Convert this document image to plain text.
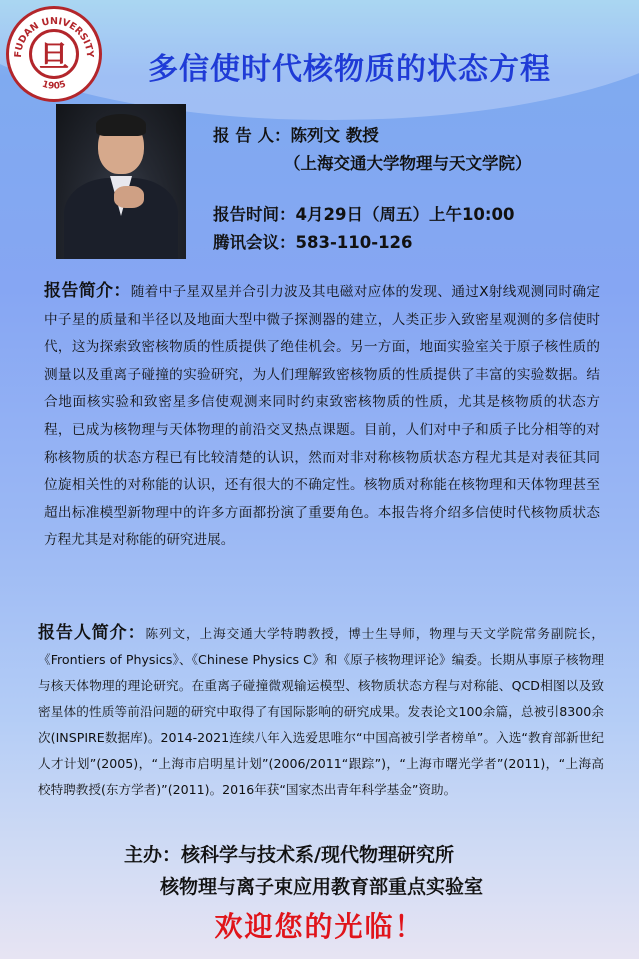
FUDAN UNIVERSITY
1905
旦	多信使时代核物质的状态方程
报 告 人：陈列文 教授
（上海交通大学物理与天文学院）
报告时间：4月29日（周五）上午10:00
腾讯会议：583-110-126
报告简介：随着中子星双星并合引力波及其电磁对应体的发现、通过X射线观测同时确定中子星的质量和半径以及地面大型中微子探测器的建立，人类正步入致密星观测的多信使时代，这为探索致密核物质的性质提供了绝佳机会。另一方面，地面实验室关于原子核性质的测量以及重离子碰撞的实验研究，为人们理解致密核物质的性质提供了丰富的实验数据。结合地面核实验和致密星多信使观测来同时约束致密核物质的性质，尤其是核物质的状态方程，已成为核物理与天体物理的前沿交叉热点课题。目前，人们对中子和质子比分相等的对称核物质的状态方程已有比较清楚的认识，然而对非对称核物质状态方程尤其是对表征其同位旋相关性的对称能的认识，还有很大的不确定性。核物质对称能在核物理和天体物理甚至超出标准模型新物理中的许多方面都扮演了重要角色。本报告将介绍多信使时代核物质状态方程尤其是对称能的研究进展。
报告人简介：陈列文，上海交通大学特聘教授，博士生导师，物理与天文学院常务副院长，《Frontiers of Physics》、《Chinese Physics C》和《原子核物理评论》编委。长期从事原子核物理与核天体物理的理论研究。在重离子碰撞微观输运模型、核物质状态方程与对称能、QCD相图以及致密星体的性质等前沿问题的研究中取得了有国际影响的研究成果。发表论文100余篇，总被引8300余次(INSPIRE数据库)。2014-2021连续八年入选爱思唯尔“中国高被引学者榜单”。入选“教育部新世纪人才计划”(2005)，“上海市启明星计划”(2006/2011“跟踪”)，“上海市曙光学者”(2011)，“上海高校特聘教授(东方学者)”(2011)。2016年获“国家杰出青年科学基金”资助。
主办：核科学与技术系/现代物理研究所
核物理与离子束应用教育部重点实验室
欢迎您的光临！
